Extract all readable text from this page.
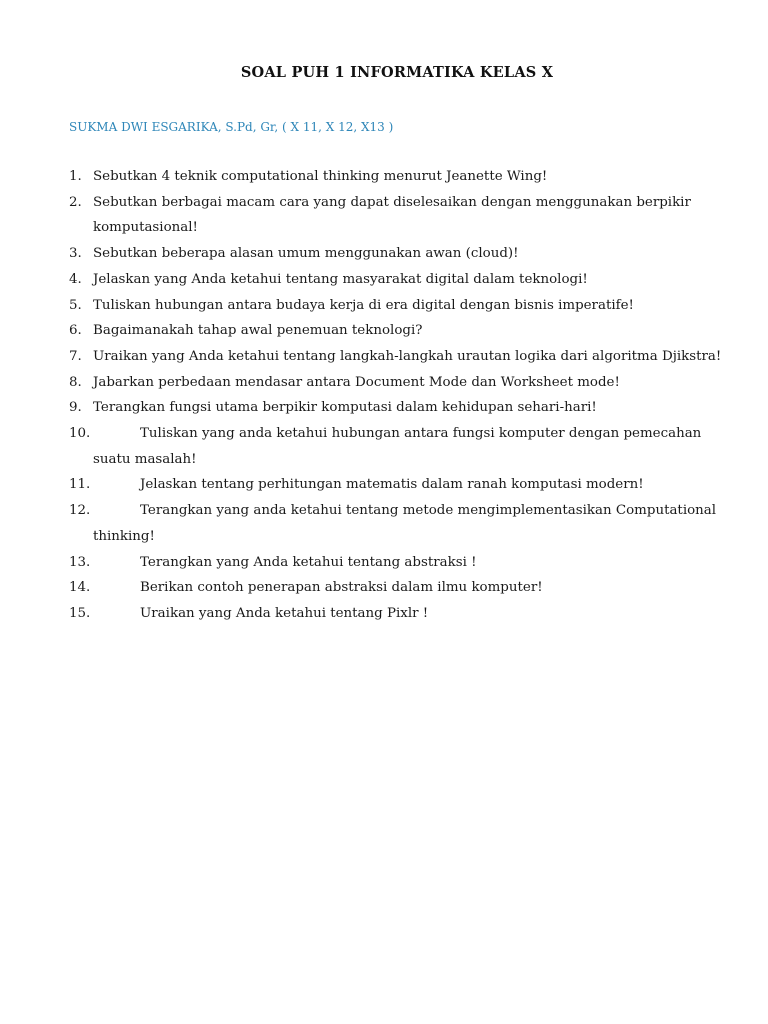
SOAL PUH 1 INFORMATIKA KELAS X

SUKMA DWI ESGARIKA, S.Pd, Gr, ( X 11, X 12, X13 )

1. Sebutkan 4 teknik computational thinking menurut Jeanette Wing!
2. Sebutkan berbagai macam cara yang dapat diselesaikan dengan menggunakan berpikir komputasional!
3. Sebutkan beberapa alasan umum menggunakan awan (cloud)!
4. Jelaskan yang Anda ketahui tentang masyarakat digital dalam teknologi!
5. Tuliskan hubungan antara budaya kerja di era digital dengan bisnis imperatife!
6. Bagaimanakah tahap awal penemuan teknologi?
7. Uraikan yang Anda ketahui tentang langkah-langkah urautan logika dari algoritma Djikstra!
8. Jabarkan perbedaan mendasar antara Document Mode dan Worksheet mode!
9. Terangkan fungsi utama berpikir komputasi dalam kehidupan sehari-hari!
10.	Tuliskan yang anda ketahui hubungan antara fungsi komputer dengan pemecahan suatu masalah!
11.	Jelaskan tentang perhitungan matematis dalam ranah komputasi modern!
12.	Terangkan yang anda ketahui tentang metode mengimplementasikan Computational thinking!
13.	Terangkan yang Anda ketahui tentang abstraksi !
14.	Berikan contoh penerapan abstraksi dalam ilmu komputer!
15.	Uraikan yang Anda ketahui tentang Pixlr !
